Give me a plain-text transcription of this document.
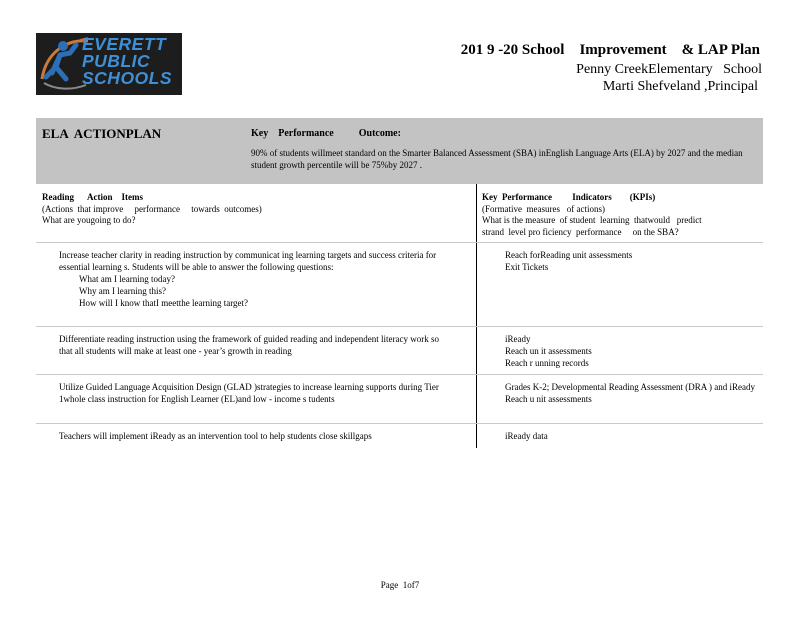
EVERETT
PUBLIC
SCHOOLS
201 9 -20 School    Improvement    & LAP Plan
Penny CreekElementary   School
Marti Shefveland ,Principal
ELA  ACTIONPLAN	Key    Performance          Outcome:
90% of students willmeet standard on the Smarter Balanced Assessment (SBA) inEnglish Language Arts (ELA) by 2027 and the median student growth percentile will be 75%by 2027 .
Reading      Action    Items
(Actions  that improve     performance     towards  outcomes)
What are yougoing to do?
Key  Performance         Indicators        (KPIs)
(Formative  measures   of actions)
What is the measure  of student  learning  thatwould   predict
strand  level pro ficiency  performance     on the SBA?
Increase teacher clarity in reading instruction by communicat ing learning targets and success criteria for essential learning s. Students will be able to answer the following questions:
What am I learning today?
Why am I learning this?
How will I know thatI meetthe learning target?
Reach forReading unit assessments
Exit Tickets
Differentiate reading instruction using the framework of guided reading and independent literacy work so that all students will make at least one - year’s growth in reading
iReady
Reach un it assessments
Reach r unning records
Utilize Guided Language Acquisition Design (GLAD )strategies to increase learning supports during Tier 1whole class instruction for English Learner (EL)and low - income s tudents
Grades K-2; Developmental Reading Assessment (DRA ) and iReady
Reach u nit assessments
Teachers will implement iReady as an intervention tool to help students close skillgaps	iReady data
Page  1of7
